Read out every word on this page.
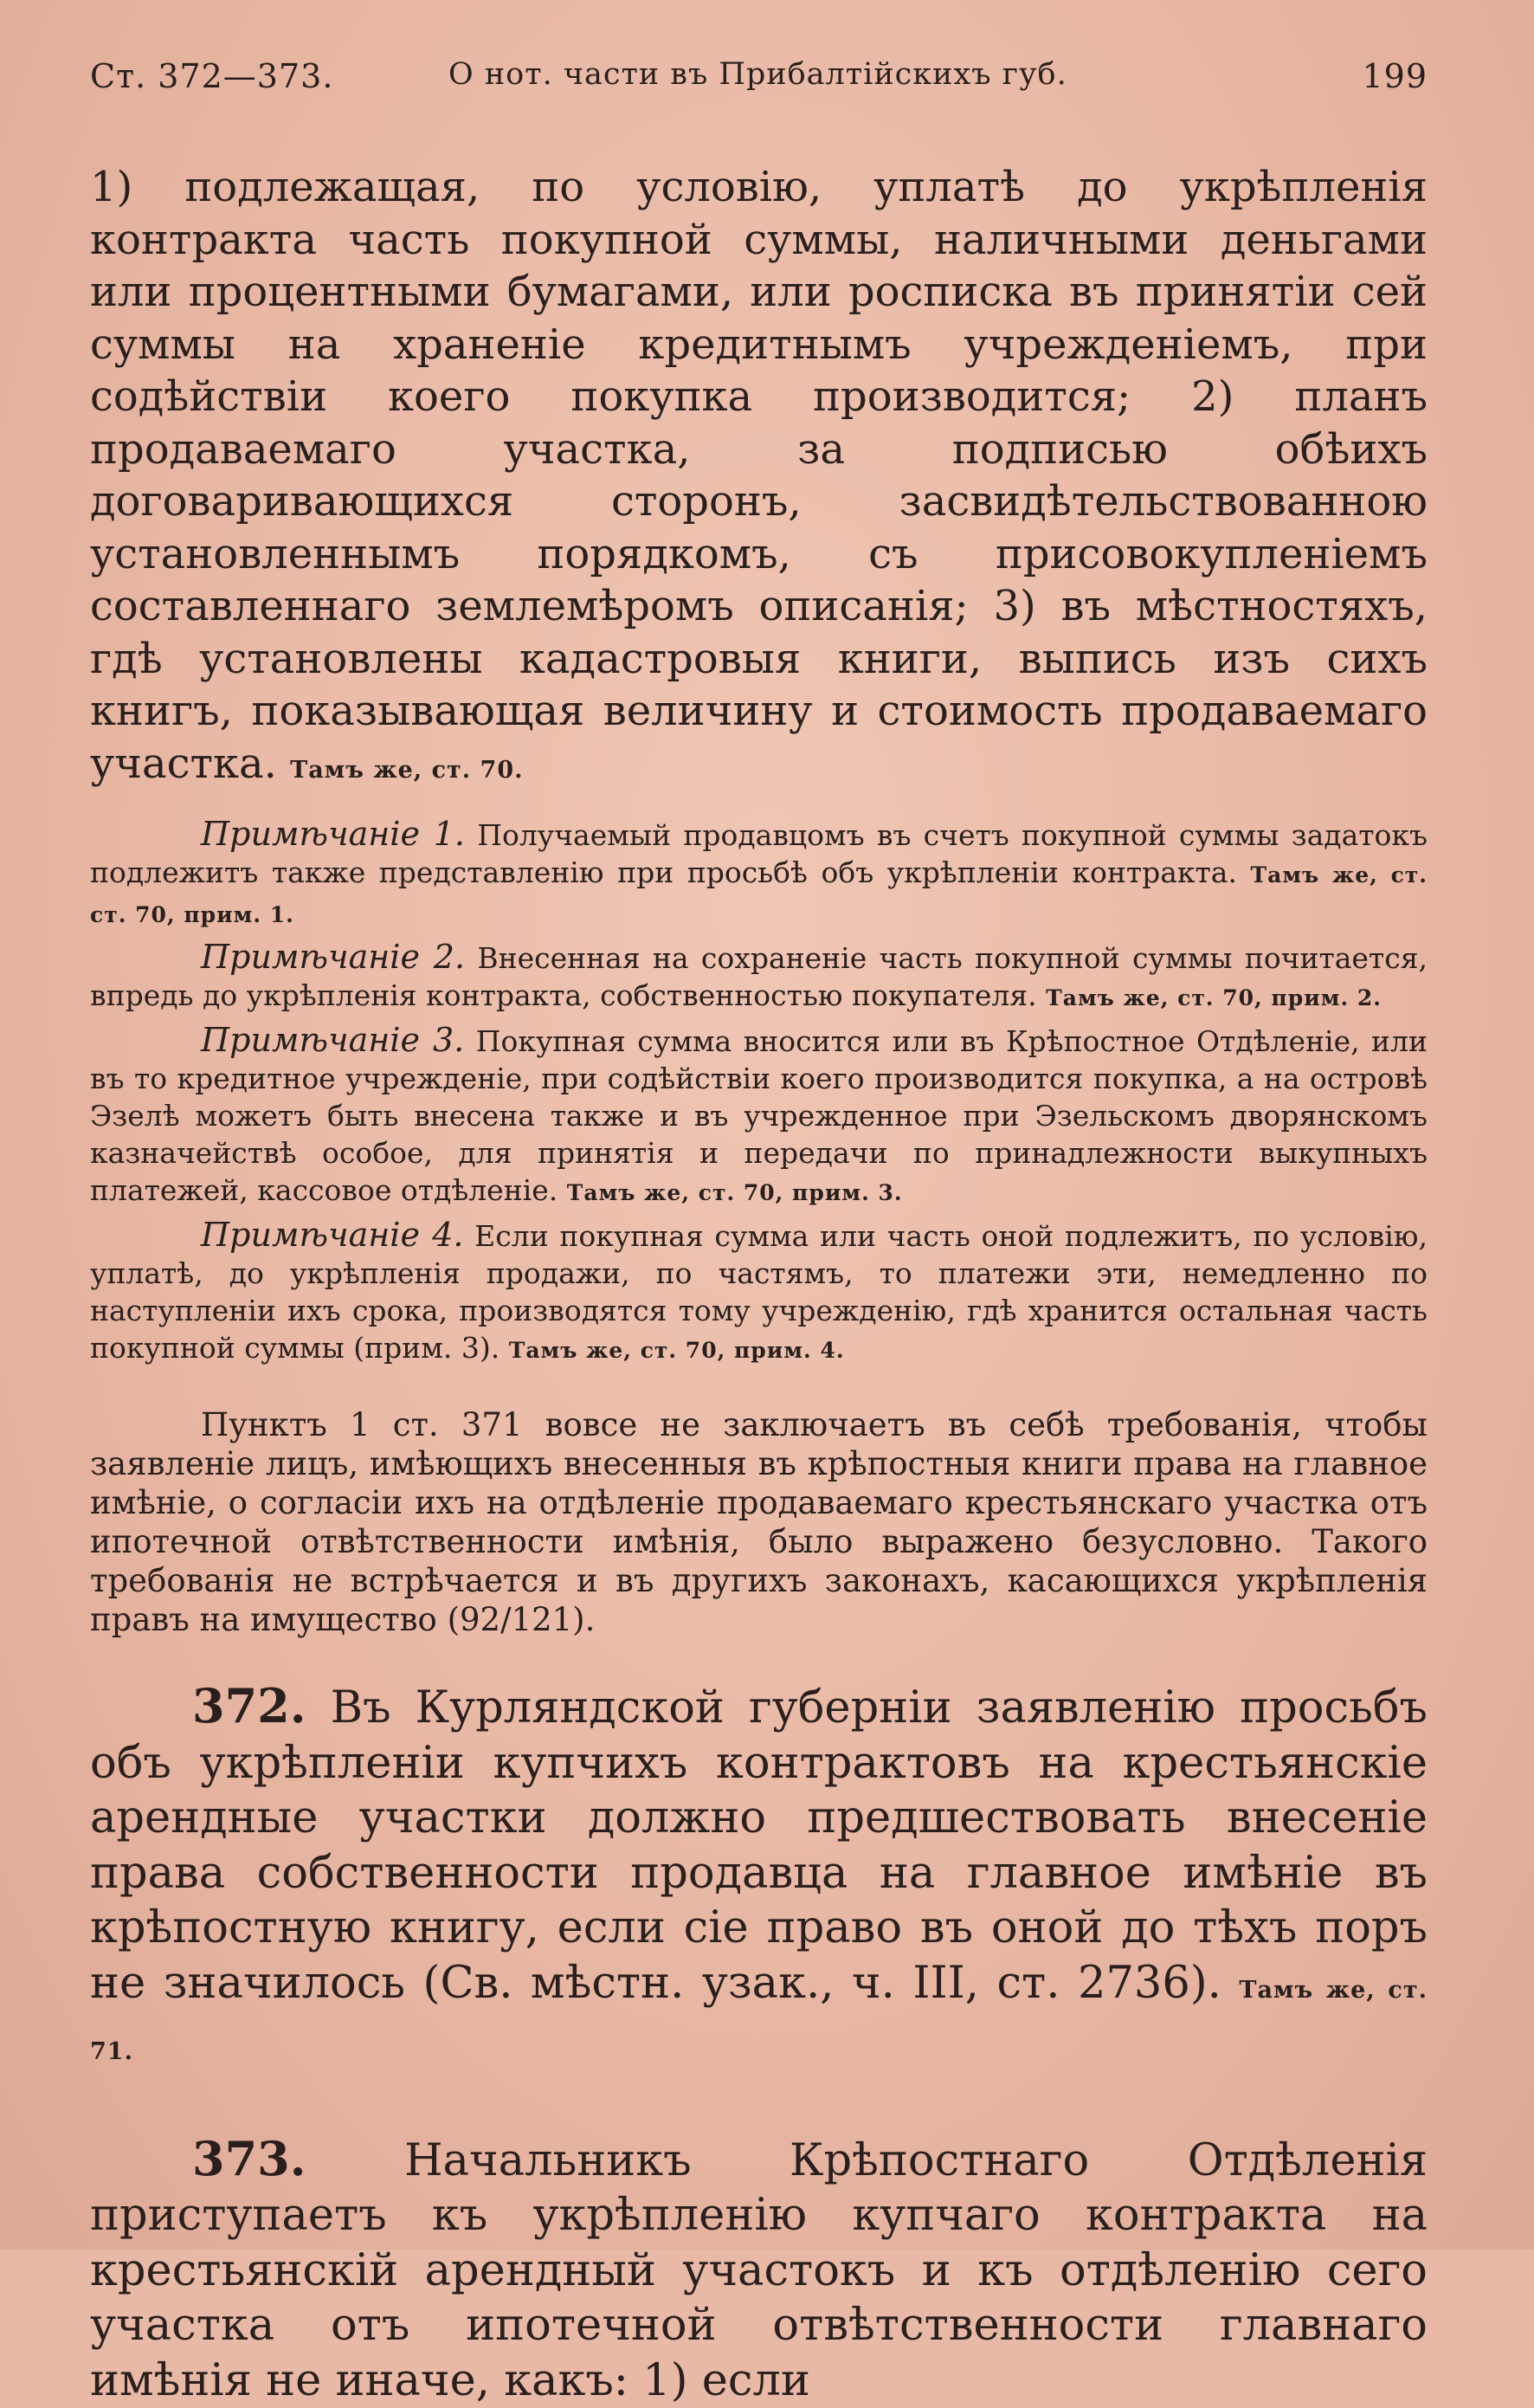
Ст. 372—373.	О нот. части въ Прибалтiйскихъ губ.	199

1) подлежащая, по условiю, уплатѣ до укрѣпленiя контракта часть покупной суммы, наличными деньгами или процентными бумагами, или росписка въ принятiи сей суммы на храненiе кредитнымъ учрежденiемъ, при содѣйствiи коего покупка производится; 2) планъ продаваемаго участка, за подписью обѣихъ договаривающихся сторонъ, засвидѣтельствованною установленнымъ порядкомъ, съ присовокупленiемъ составленнаго землемѣромъ описанiя; 3) въ мѣстностяхъ, гдѣ установлены кадастровыя книги, выпись изъ сихъ книгъ, показывающая величину и стоимость продаваемаго участка. Тамъ же, ст. 70.

Примѣчанiе 1. Получаемый продавцомъ въ счетъ покупной суммы задатокъ подлежитъ также представленiю при просьбѣ объ укрѣпленiи контракта. Тамъ же, ст. ст. 70, прим. 1.

Примѣчанiе 2. Внесенная на сохраненiе часть покупной суммы почитается, впредь до укрѣпленiя контракта, собственностью покупателя. Тамъ же, ст. 70, прим. 2.

Примѣчанiе 3. Покупная сумма вносится или въ Крѣпостное Отдѣленiе, или въ то кредитное учрежденiе, при содѣйствiи коего производится покупка, а на островѣ Эзелѣ можетъ быть внесена также и въ учрежденное при Эзельскомъ дворянскомъ казначействѣ особое, для принятiя и передачи по принадлежности выкупныхъ платежей, кассовое отдѣленiе. Тамъ же, ст. 70, прим. 3.

Примѣчанiе 4. Если покупная сумма или часть оной подлежитъ, по условiю, уплатѣ, до укрѣпленiя продажи, по частямъ, то платежи эти, немедленно по наступленiи ихъ срока, производятся тому учрежденiю, гдѣ хранится остальная часть покупной суммы (прим. 3). Тамъ же, ст. 70, прим. 4.

Пунктъ 1 ст. 371 вовсе не заключаетъ въ себѣ требованiя, чтобы заявленiе лицъ, имѣющихъ внесенныя въ крѣпостныя книги права на главное имѣнiе, о согласiи ихъ на отдѣленiе продаваемаго крестьянскаго участка отъ ипотечной отвѣтственности имѣнiя, было выражено безусловно. Такого требованiя не встрѣчается и въ другихъ законахъ, касающихся укрѣпленiя правъ на имущество (92/121).

372. Въ Курляндской губернiи заявленiю просьбъ объ укрѣпленiи купчихъ контрактовъ на крестьянскiе арендные участки должно предшествовать внесенiе права собственности продавца на главное имѣнiе въ крѣпостную книгу, если сiе право въ оной до тѣхъ поръ не значилось (Св. мѣстн. узак., ч. III, ст. 2736). Тамъ же, ст. 71.

373. Начальникъ Крѣпостнаго Отдѣленiя приступаетъ къ укрѣпленiю купчаго контракта на крестьянскiй арендный участокъ и къ отдѣленiю сего участка отъ ипотечной отвѣтственности главнаго имѣнiя не иначе, какъ: 1) если
